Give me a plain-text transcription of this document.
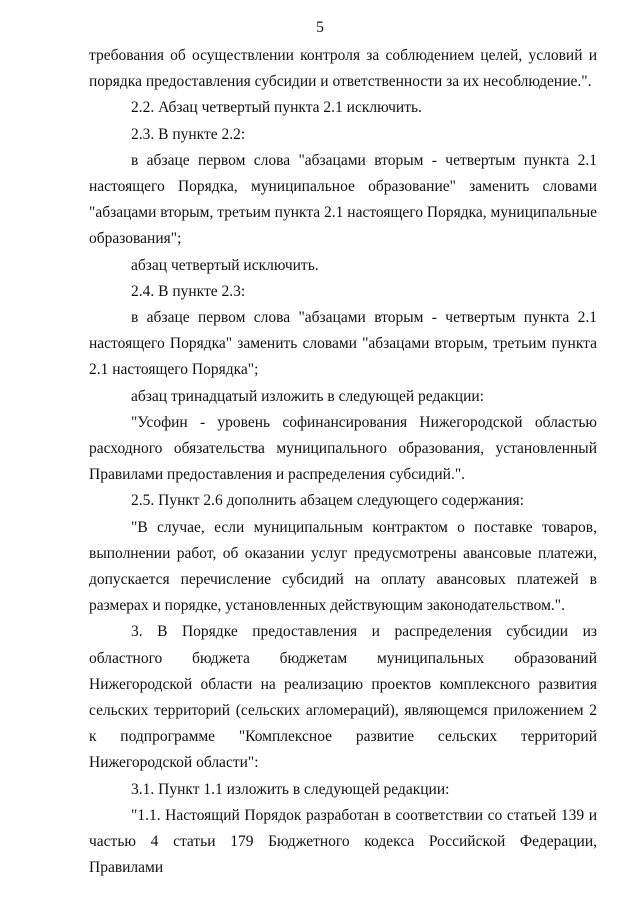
5

требования об осуществлении контроля за соблюдением целей, условий и порядка предоставления субсидии и ответственности за их несоблюдение.".

2.2. Абзац четвертый пункта 2.1 исключить.

2.3. В пункте 2.2:

в абзаце первом слова "абзацами вторым - четвертым пункта 2.1 настоящего Порядка, муниципальное образование" заменить словами "абзацами вторым, третьим пункта 2.1 настоящего Порядка, муниципальные образования";

абзац четвертый исключить.

2.4. В пункте 2.3:

в абзаце первом слова "абзацами вторым - четвертым пункта 2.1 настоящего Порядка" заменить словами "абзацами вторым, третьим пункта 2.1 настоящего Порядка";

абзац тринадцатый изложить в следующей редакции:

"Усофин - уровень софинансирования Нижегородской областью расходного обязательства муниципального образования, установленный Правилами предоставления и распределения субсидий.".

2.5. Пункт 2.6 дополнить абзацем следующего содержания:

"В случае, если муниципальным контрактом о поставке товаров, выполнении работ, об оказании услуг предусмотрены авансовые платежи, допускается перечисление субсидий на оплату авансовых платежей в размерах и порядке, установленных действующим законодательством.".

3. В Порядке предоставления и распределения субсидии из областного бюджета бюджетам муниципальных образований Нижегородской области на реализацию проектов комплексного развития сельских территорий (сельских агломераций), являющемся приложением 2 к подпрограмме "Комплексное развитие сельских территорий Нижегородской области":

3.1. Пункт 1.1 изложить в следующей редакции:

"1.1. Настоящий Порядок разработан в соответствии со статьей 139 и частью 4 статьи 179 Бюджетного кодекса Российской Федерации, Правилами
